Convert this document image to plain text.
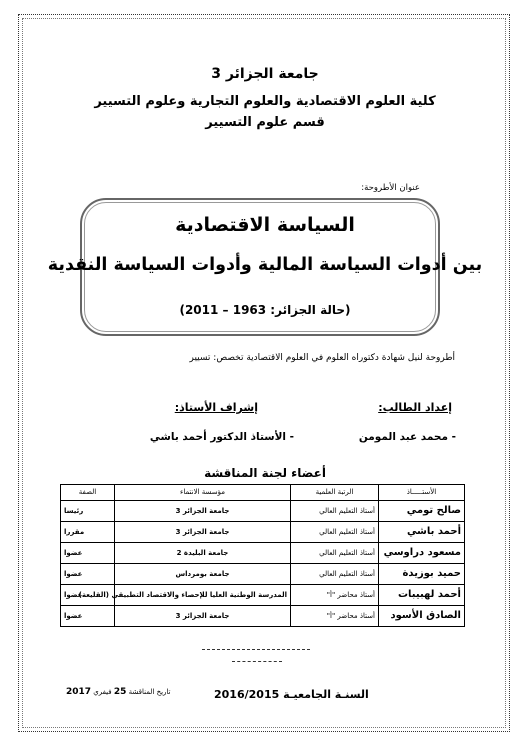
جامعة الجزائر 3
كلية العلوم الاقتصادية والعلوم التجارية وعلوم التسيير
قسم علوم التسيير
عنوان الأطروحة:
السياسة الاقتصادية
بين أدوات السياسة المالية وأدوات السياسة النقدية
(حالة الجزائر: 1963 – 2011)
أطروحة لنيل شهادة دكتوراه العلوم في العلوم الاقتصادية تخصص: تسيير
إعداد الطالب:
إشراف الأستاذ:
- محمد عبد المومن
- الأستاذ الدكتور أحمد باشي
أعضاء لجنة المناقشة
الأستـــــاذ	الرتبة العلمية	مؤسسة الانتماء	الصفة
صالح تومي	أستاذ التعليم العالي	جامعة الجزائر 3	رئيسا
أحمد باشي	أستاذ التعليم العالي	جامعة الجزائر 3	مقررا
مسعود دراوسي	أستاذ التعليم العالي	جامعة البليدة 2	عضوا
حميد بوزيدة	أستاذ التعليم العالي	جامعة بومرداس	عضوا
أحمد لهبيبات	أستاذ محاضر "أ"	المدرسة الوطنية العليا للإحصاء والاقتصاد التطبيقي (القليعة)	عضوا
الصادق الأسود	أستاذ محاضر "أ"	جامعة الجزائر 3	عضوا
السنـة الجامعيـة 2016/2015
تاريخ المناقشة 25 فيفري 2017
